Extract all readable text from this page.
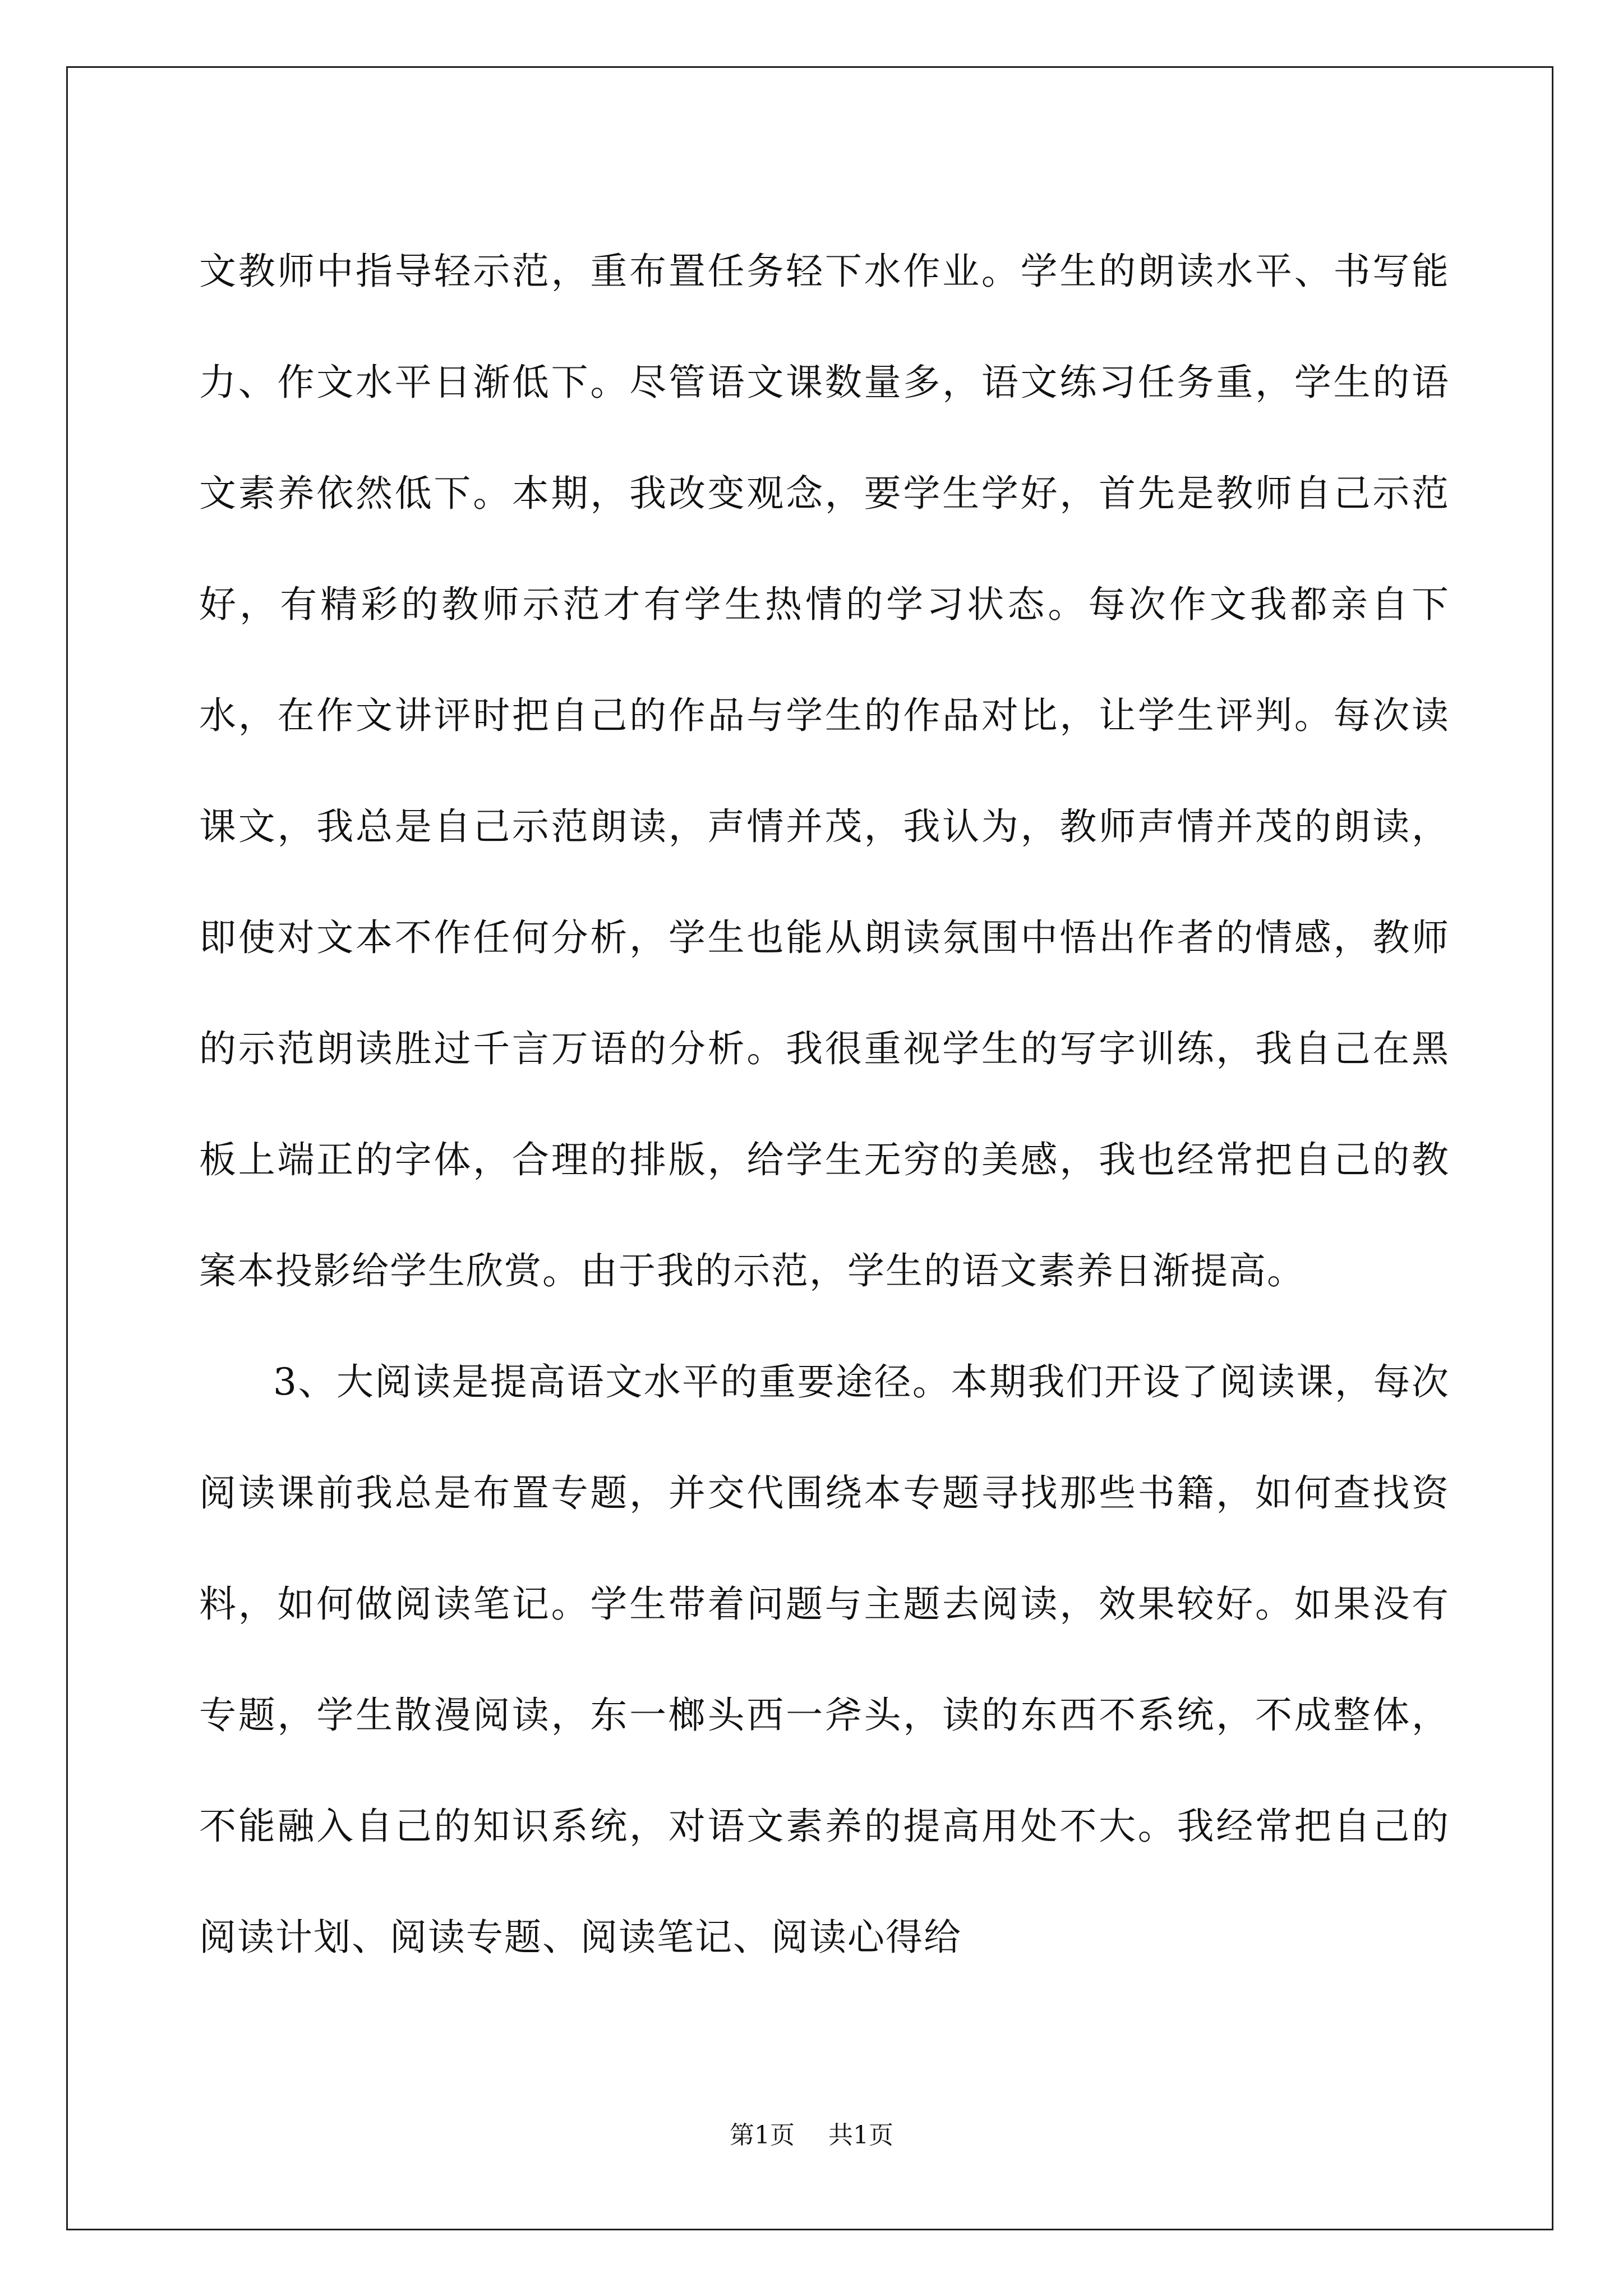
文教师中指导轻示范，重布置任务轻下水作业。学生的朗读水平、书写能力、作文水平日渐低下。尽管语文课数量多，语文练习任务重，学生的语文素养依然低下。本期，我改变观念，要学生学好，首先是教师自己示范好，有精彩的教师示范才有学生热情的学习状态。每次作文我都亲自下水，在作文讲评时把自己的作品与学生的作品对比，让学生评判。每次读课文，我总是自己示范朗读，声情并茂，我认为，教师声情并茂的朗读，即使对文本不作任何分析，学生也能从朗读氛围中悟出作者的情感，教师的示范朗读胜过千言万语的分析。我很重视学生的写字训练，我自己在黑板上端正的字体，合理的排版，给学生无穷的美感，我也经常把自己的教案本投影给学生欣赏。由于我的示范，学生的语文素养日渐提高。

3、大阅读是提高语文水平的重要途径。本期我们开设了阅读课，每次阅读课前我总是布置专题，并交代围绕本专题寻找那些书籍，如何查找资料，如何做阅读笔记。学生带着问题与主题去阅读，效果较好。如果没有专题，学生散漫阅读，东一榔头西一斧头，读的东西不系统，不成整体，不能融入自己的知识系统，对语文素养的提高用处不大。我经常把自己的阅读计划、阅读专题、阅读笔记、阅读心得给

第1页 共1页
